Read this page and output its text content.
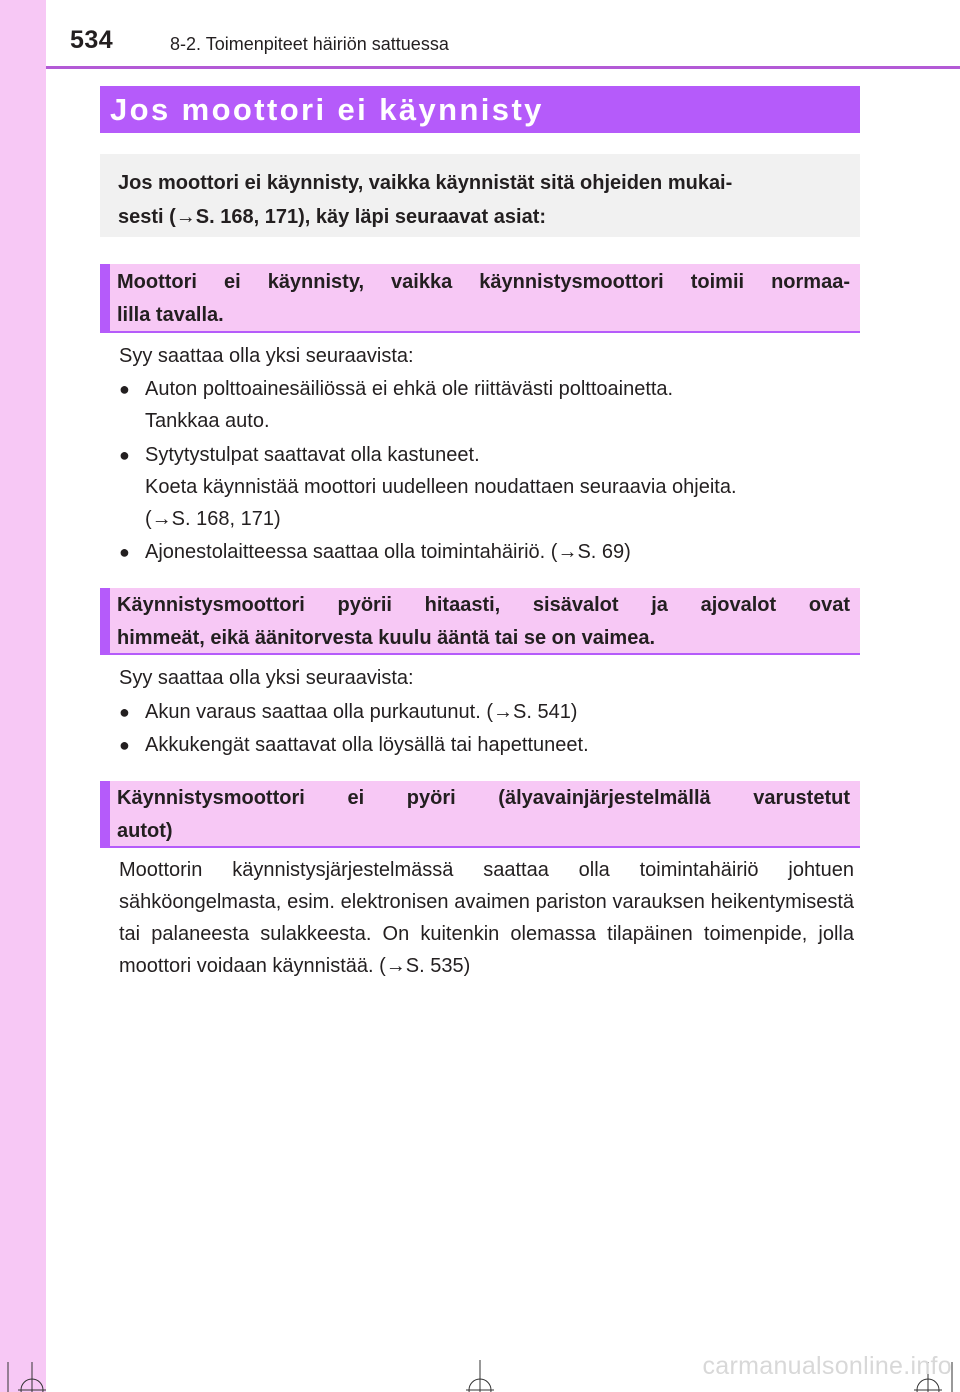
534	8-2. Toimenpiteet häiriön sattuessa
Jos moottori ei käynnisty
Jos moottori ei käynnisty, vaikka käynnistät sitä ohjeiden mukai-
sesti (→S. 168, 171), käy läpi seuraavat asiat:
Moottori ei käynnisty, vaikka käynnistysmoottori toimii normaa-
lilla tavalla.
Syy saattaa olla yksi seuraavista:
● Auton polttoainesäiliössä ei ehkä ole riittävästi polttoainetta.
Tankkaa auto.
● Sytytystulpat saattavat olla kastuneet.
Koeta käynnistää moottori uudelleen noudattaen seuraavia ohjeita.
(→S. 168, 171)
● Ajonestolaitteessa saattaa olla toimintahäiriö. (→S. 69)
Käynnistysmoottori pyörii hitaasti, sisävalot ja ajovalot ovat
himmeät, eikä äänitorvesta kuulu ääntä tai se on vaimea.
Syy saattaa olla yksi seuraavista:
● Akun varaus saattaa olla purkautunut. (→S. 541)
● Akkukengät saattavat olla löysällä tai hapettuneet.
Käynnistysmoottori ei pyöri (älyavainjärjestelmällä varustetut
autot)
Moottorin käynnistysjärjestelmässä saattaa olla toimintahäiriö johtuen sähköongelmasta, esim. elektronisen avaimen pariston varauksen heikentymisestä tai palaneesta sulakkeesta. On kuitenkin olemassa tilapäinen toimenpide, jolla moottori voidaan käynnistää. (→S. 535)
carmanualsonline.info
